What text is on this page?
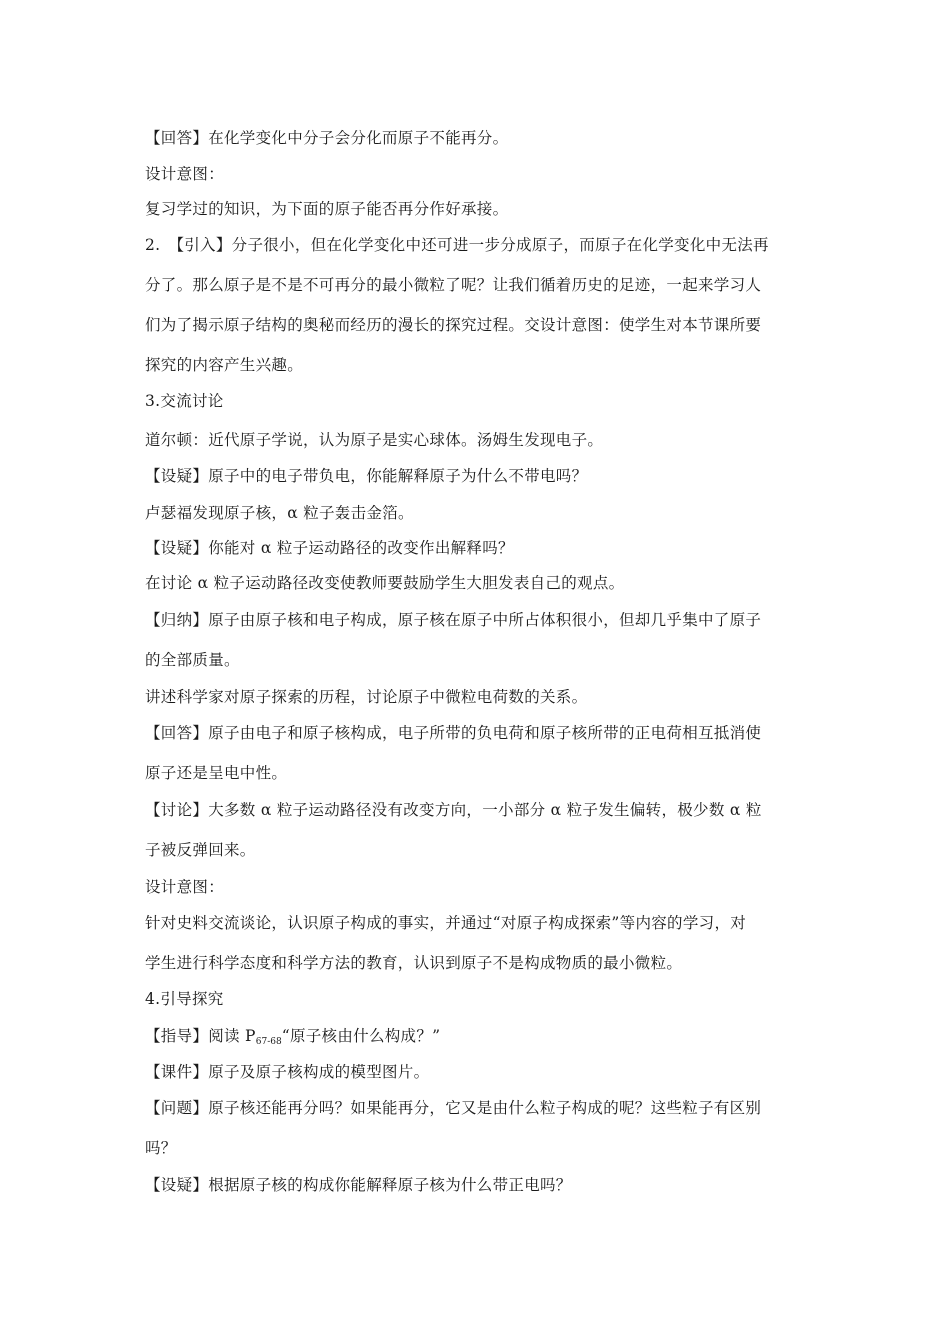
【回答】在化学变化中分子会分化而原子不能再分。
设计意图：
复习学过的知识，为下面的原子能否再分作好承接。
2.　【引入】分子很小，但在化学变化中还可进一步分成原子，而原子在化学变化中无法再
分了。那么原子是不是不可再分的最小微粒了呢？让我们循着历史的足迹，一起来学习人
们为了揭示原子结构的奥秘而经历的漫长的探究过程。交设计意图：使学生对本节课所要
探究的内容产生兴趣。
3.交流讨论
道尔顿：近代原子学说，认为原子是实心球体。汤姆生发现电子。
【设疑】原子中的电子带负电，你能解释原子为什么不带电吗？
卢瑟福发现原子核，α 粒子轰击金箔。
【设疑】你能对 α 粒子运动路径的改变作出解释吗？
在讨论 α 粒子运动路径改变使教师要鼓励学生大胆发表自己的观点。
【归纳】原子由原子核和电子构成，原子核在原子中所占体积很小，但却几乎集中了原子
的全部质量。
讲述科学家对原子探索的历程，讨论原子中微粒电荷数的关系。
【回答】原子由电子和原子核构成，电子所带的负电荷和原子核所带的正电荷相互抵消使
原子还是呈电中性。
【讨论】大多数 α 粒子运动路径没有改变方向，一小部分 α 粒子发生偏转，极少数 α 粒
子被反弹回来。
设计意图：
针对史料交流谈论，认识原子构成的事实，并通过“对原子构成探索”等内容的学习，对
学生进行科学态度和科学方法的教育，认识到原子不是构成物质的最小微粒。
4.引导探究
【指导】阅读 $P_{67-68}“$原子核由什么构成？”
【课件】原子及原子核构成的模型图片。
【问题】原子核还能再分吗？如果能再分，它又是由什么粒子构成的呢？这些粒子有区别
吗？
【设疑】根据原子核的构成你能解释原子核为什么带正电吗？
